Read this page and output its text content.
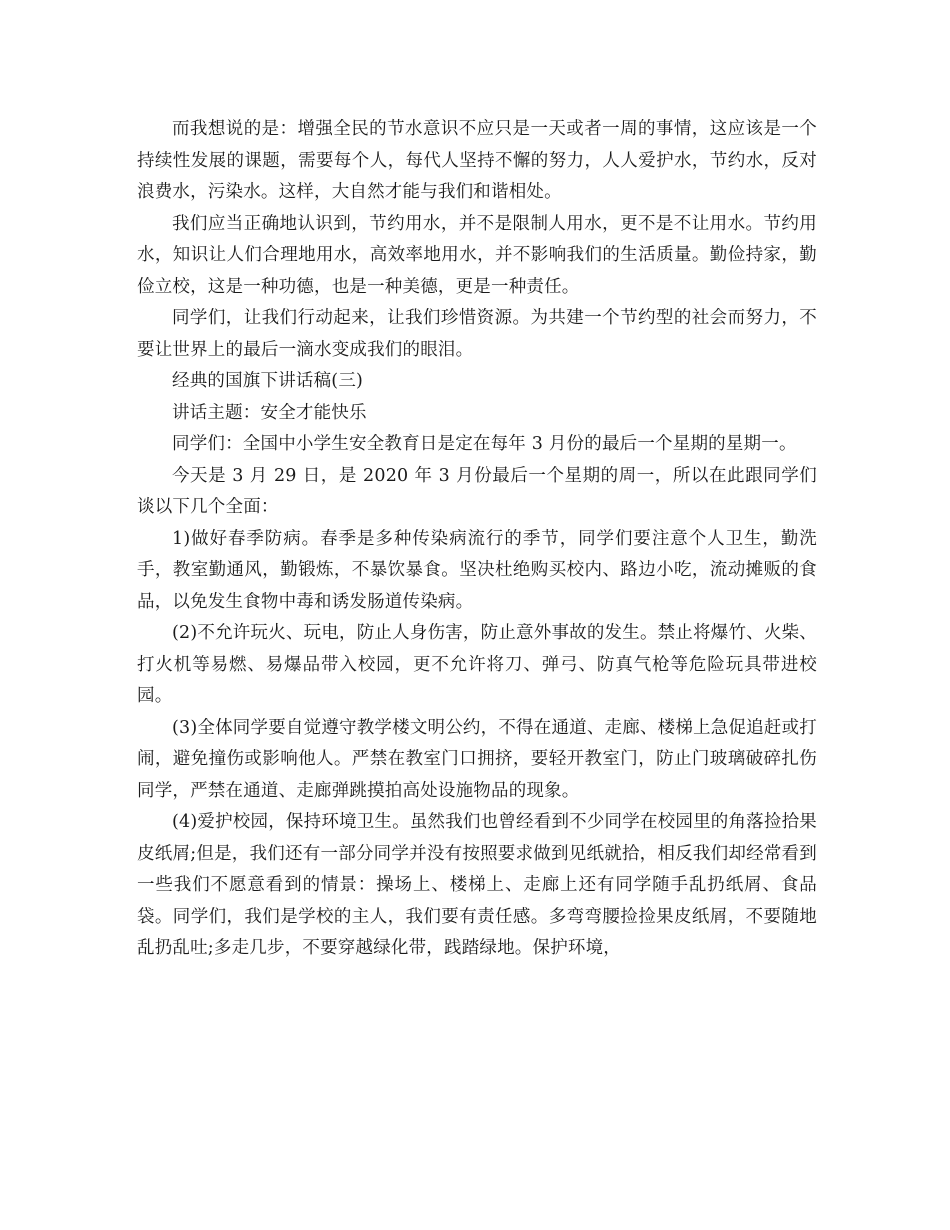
而我想说的是：增强全民的节水意识不应只是一天或者一周的事情，这应该是一个持续性发展的课题，需要每个人，每代人坚持不懈的努力，人人爱护水，节约水，反对浪费水，污染水。这样，大自然才能与我们和谐相处。

我们应当正确地认识到，节约用水，并不是限制人用水，更不是不让用水。节约用水，知识让人们合理地用水，高效率地用水，并不影响我们的生活质量。勤俭持家，勤俭立校，这是一种功德，也是一种美德，更是一种责任。

同学们，让我们行动起来，让我们珍惜资源。为共建一个节约型的社会而努力，不要让世界上的最后一滴水变成我们的眼泪。

经典的国旗下讲话稿(三)

讲话主题：安全才能快乐

同学们：全国中小学生安全教育日是定在每年 3 月份的最后一个星期的星期一。

今天是 3 月 29 日，是 2020 年 3 月份最后一个星期的周一，所以在此跟同学们谈以下几个全面：

1)做好春季防病。春季是多种传染病流行的季节，同学们要注意个人卫生，勤洗手，教室勤通风，勤锻炼，不暴饮暴食。坚决杜绝购买校内、路边小吃，流动摊贩的食品，以免发生食物中毒和诱发肠道传染病。

(2)不允许玩火、玩电，防止人身伤害，防止意外事故的发生。禁止将爆竹、火柴、打火机等易燃、易爆品带入校园，更不允许将刀、弹弓、防真气枪等危险玩具带进校园。

(3)全体同学要自觉遵守教学楼文明公约，不得在通道、走廊、楼梯上急促追赶或打闹，避免撞伤或影响他人。严禁在教室门口拥挤，要轻开教室门，防止门玻璃破碎扎伤同学，严禁在通道、走廊弹跳摸拍高处设施物品的现象。

(4)爱护校园，保持环境卫生。虽然我们也曾经看到不少同学在校园里的角落捡拾果皮纸屑;但是，我们还有一部分同学并没有按照要求做到见纸就拾，相反我们却经常看到一些我们不愿意看到的情景：操场上、楼梯上、走廊上还有同学随手乱扔纸屑、食品袋。同学们，我们是学校的主人，我们要有责任感。多弯弯腰捡捡果皮纸屑，不要随地乱扔乱吐;多走几步，不要穿越绿化带，践踏绿地。保护环境，
